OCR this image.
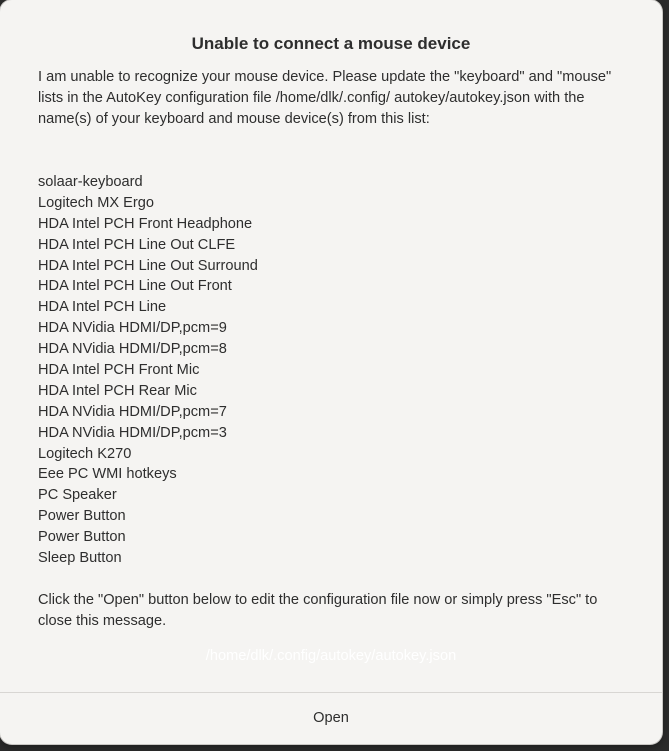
Unable to connect a mouse device

I am unable to recognize your mouse device. Please update the "keyboard" and "mouse" lists in the AutoKey configuration file /home/dlk/.config/ autokey/autokey.json with the name(s) of your keyboard and mouse device(s) from this list:

solaar-keyboard
Logitech MX Ergo
HDA Intel PCH Front Headphone
HDA Intel PCH Line Out CLFE
HDA Intel PCH Line Out Surround
HDA Intel PCH Line Out Front
HDA Intel PCH Line
HDA NVidia HDMI/DP,pcm=9
HDA NVidia HDMI/DP,pcm=8
HDA Intel PCH Front Mic
HDA Intel PCH Rear Mic
HDA NVidia HDMI/DP,pcm=7
HDA NVidia HDMI/DP,pcm=3
Logitech K270
Eee PC WMI hotkeys
PC Speaker
Power Button
Power Button
Sleep Button

Click the "Open" button below to edit the configuration file now or simply press "Esc" to close this message.

/home/dlk/.config/autokey/autokey.json
Open
